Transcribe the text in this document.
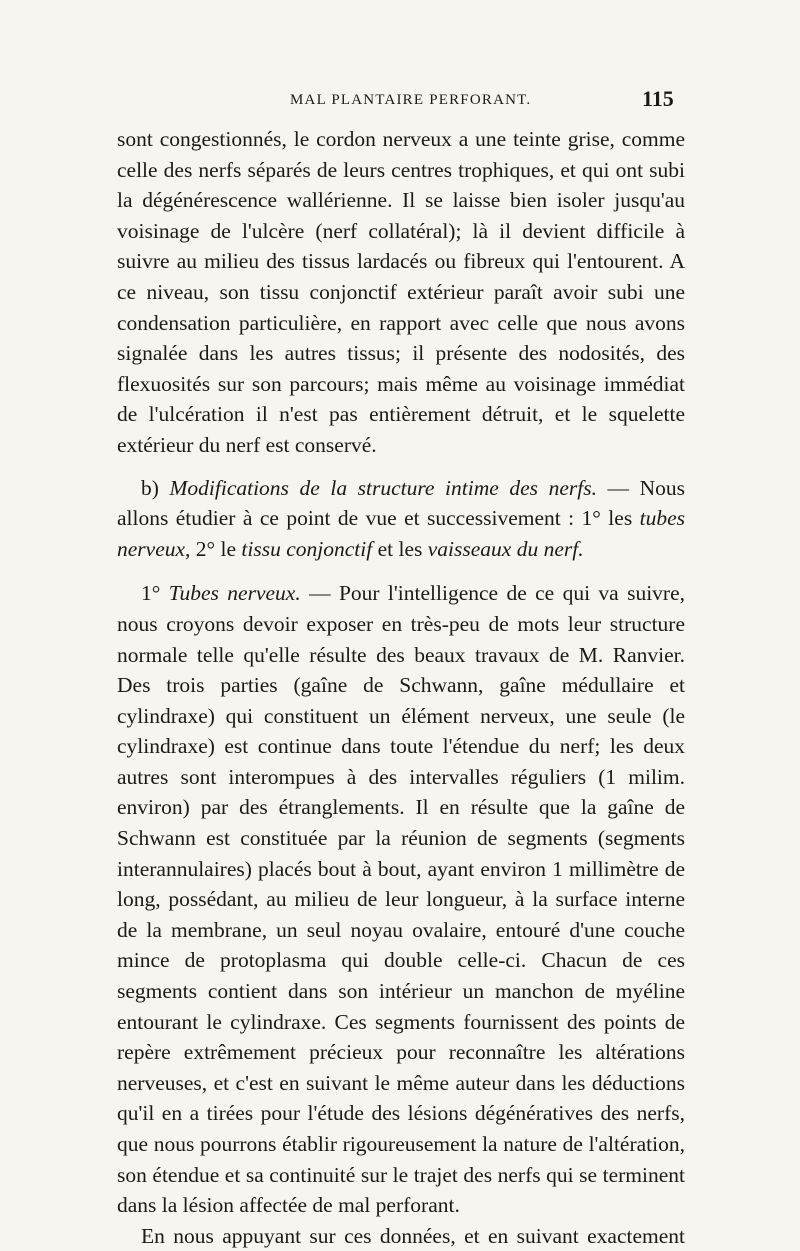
MAL PLANTAIRE PERFORANT.	115

sont congestionnés, le cordon nerveux a une teinte grise, comme celle des nerfs séparés de leurs centres trophiques, et qui ont subi la dégénérescence wallérienne. Il se laisse bien isoler jusqu'au voisinage de l'ulcère (nerf collatéral); là il devient difficile à suivre au milieu des tissus lardacés ou fibreux qui l'entourent. A ce niveau, son tissu conjonctif extérieur paraît avoir subi une condensation particulière, en rapport avec celle que nous avons signalée dans les autres tissus; il présente des nodosités, des flexuosités sur son parcours; mais même au voisinage immédiat de l'ulcération il n'est pas entièrement détruit, et le squelette extérieur du nerf est conservé.

b) Modifications de la structure intime des nerfs. — Nous allons étudier à ce point de vue et successivement : 1° les tubes nerveux, 2° le tissu conjonctif et les vaisseaux du nerf.

1° Tubes nerveux. — Pour l'intelligence de ce qui va suivre, nous croyons devoir exposer en très-peu de mots leur structure normale telle qu'elle résulte des beaux travaux de M. Ranvier. Des trois parties (gaîne de Schwann, gaîne médullaire et cylindraxe) qui constituent un élément nerveux, une seule (le cylindraxe) est continue dans toute l'étendue du nerf; les deux autres sont interompues à des intervalles réguliers (1 milim. environ) par des étranglements. Il en résulte que la gaîne de Schwann est constituée par la réunion de segments (segments interannulaires) placés bout à bout, ayant environ 1 millimètre de long, possédant, au milieu de leur longueur, à la surface interne de la membrane, un seul noyau ovalaire, entouré d'une couche mince de protoplasma qui double celle-ci. Chacun de ces segments contient dans son intérieur un manchon de myéline entourant le cylindraxe. Ces segments fournissent des points de repère extrêmement précieux pour reconnaître les altérations nerveuses, et c'est en suivant le même auteur dans les déductions qu'il en a tirées pour l'étude des lésions dégénératives des nerfs, que nous pourrons établir rigoureusement la nature de l'altération, son étendue et sa continuité sur le trajet des nerfs qui se terminent dans la lésion affectée de mal perforant.

En nous appuyant sur ces données, et en suivant exactement
